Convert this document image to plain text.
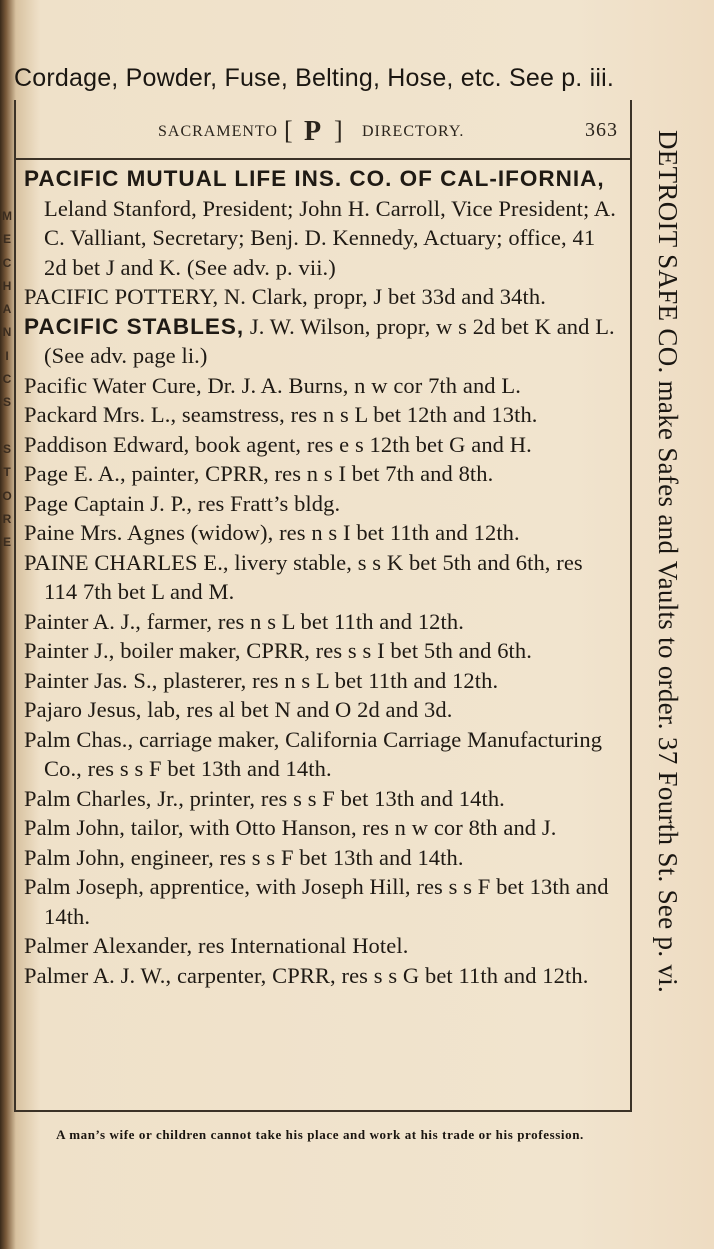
Cordage, Powder, Fuse, Belting, Hose, etc. See p. iii.
SACRAMENTO [ P ] DIRECTORY.	363 DETROIT SAFE CO. make Safes and Vaults to order. 37 Fourth St. See p. vi.
M
E
C
H
A
N
I
C
S

S
T
O
R
E

PACIFIC MUTUAL LIFE INS. CO. OF CAL-IFORNIA, Leland Stanford, President; John H. Carroll, Vice President; A. C. Valliant, Secretary; Benj. D. Kennedy, Actuary; office, 41 2d bet J and K. (See adv. p. vii.)

PACIFIC POTTERY, N. Clark, propr, J bet 33d and 34th.

PACIFIC STABLES, J. W. Wilson, propr, w s 2d bet K and L. (See adv. page li.)

Pacific Water Cure, Dr. J. A. Burns, n w cor 7th and L.

Packard Mrs. L., seamstress, res n s L bet 12th and 13th.

Paddison Edward, book agent, res e s 12th bet G and H.

Page E. A., painter, CPRR, res n s I bet 7th and 8th.

Page Captain J. P., res Fratt’s bldg.

Paine Mrs. Agnes (widow), res n s I bet 11th and 12th.

PAINE CHARLES E., livery stable, s s K bet 5th and 6th, res 114 7th bet L and M.

Painter A. J., farmer, res n s L bet 11th and 12th.

Painter J., boiler maker, CPRR, res s s I bet 5th and 6th.

Painter Jas. S., plasterer, res n s L bet 11th and 12th.

Pajaro Jesus, lab, res al bet N and O 2d and 3d.

Palm Chas., carriage maker, California Carriage Manufacturing Co., res s s F bet 13th and 14th.

Palm Charles, Jr., printer, res s s F bet 13th and 14th.

Palm John, tailor, with Otto Hanson, res n w cor 8th and J.

Palm John, engineer, res s s F bet 13th and 14th.

Palm Joseph, apprentice, with Joseph Hill, res s s F bet 13th and 14th.

Palmer Alexander, res International Hotel.

Palmer A. J. W., carpenter, CPRR, res s s G bet 11th and 12th.

A man’s wife or children cannot take his place and work at his trade or his profession.
